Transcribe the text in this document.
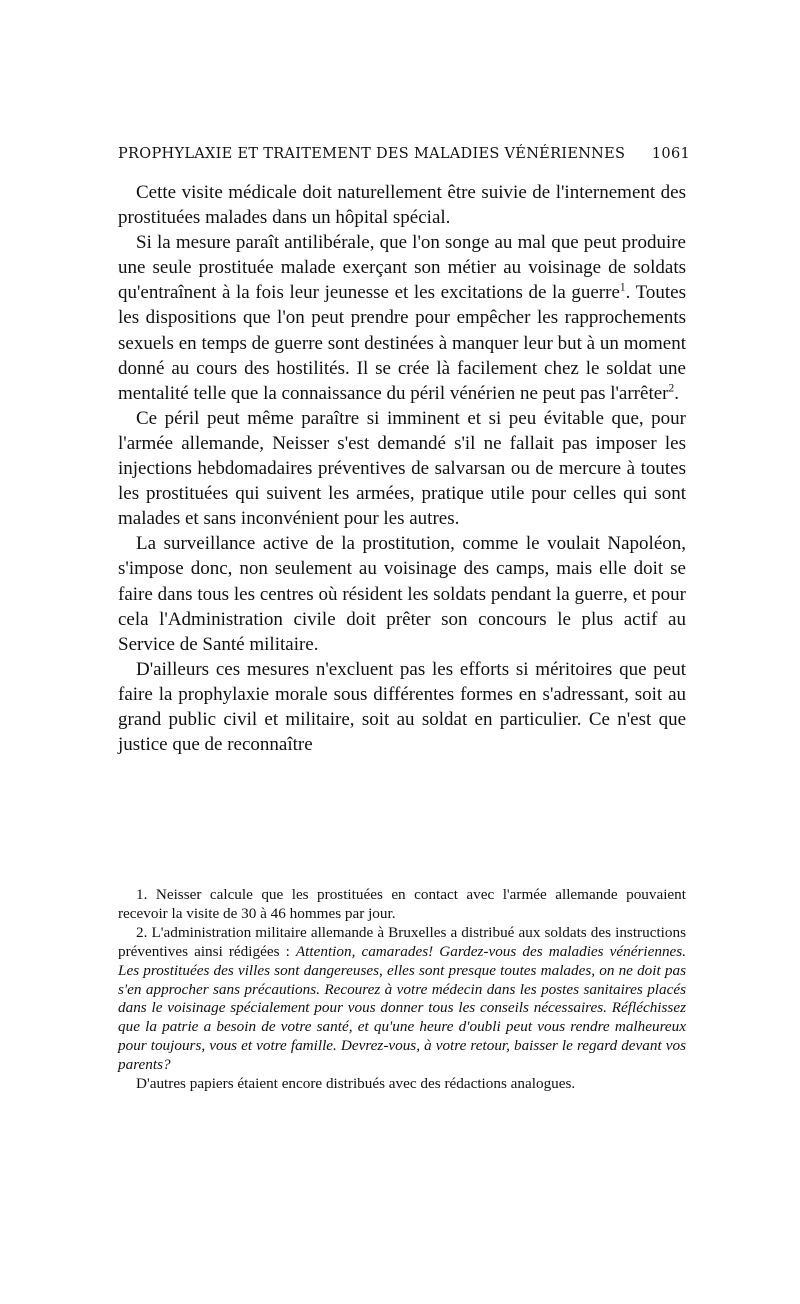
PROPHYLAXIE ET TRAITEMENT DES MALADIES VÉNÉRIENNES 1061

Cette visite médicale doit naturellement être suivie de l'internement des prostituées malades dans un hôpital spécial.

Si la mesure paraît antilibérale, que l'on songe au mal que peut produire une seule prostituée malade exerçant son métier au voisinage de soldats qu'entraînent à la fois leur jeunesse et les excitations de la guerre$^1$. Toutes les dispositions que l'on peut prendre pour empêcher les rapprochements sexuels en temps de guerre sont destinées à manquer leur but à un moment donné au cours des hostilités. Il se crée là facilement chez le soldat une mentalité telle que la connaissance du péril vénérien ne peut pas l'arrêter$^2$.

Ce péril peut même paraître si imminent et si peu évitable que, pour l'armée allemande, Neisser s'est demandé s'il ne fallait pas imposer les injections hebdomadaires préventives de salvarsan ou de mercure à toutes les prostituées qui suivent les armées, pratique utile pour celles qui sont malades et sans inconvénient pour les autres.

La surveillance active de la prostitution, comme le voulait Napoléon, s'impose donc, non seulement au voisinage des camps, mais elle doit se faire dans tous les centres où résident les soldats pendant la guerre, et pour cela l'Administration civile doit prêter son concours le plus actif au Service de Santé militaire.

D'ailleurs ces mesures n'excluent pas les efforts si méritoires que peut faire la prophylaxie morale sous différentes formes en s'adressant, soit au grand public civil et militaire, soit au soldat en particulier. Ce n'est que justice que de reconnaître

1. Neisser calcule que les prostituées en contact avec l'armée allemande pouvaient recevoir la visite de 30 à 46 hommes par jour.

2. L'administration militaire allemande à Bruxelles a distribué aux soldats des instructions préventives ainsi rédigées : Attention, camarades! Gardez-vous des maladies vénériennes. Les prostituées des villes sont dangereuses, elles sont presque toutes malades, on ne doit pas s'en approcher sans précautions. Recourez à votre médecin dans les postes sanitaires placés dans le voisinage spécialement pour vous donner tous les conseils nécessaires. Réfléchissez que la patrie a besoin de votre santé, et qu'une heure d'oubli peut vous rendre malheureux pour toujours, vous et votre famille. Devrez-vous, à votre retour, baisser le regard devant vos parents?

D'autres papiers étaient encore distribués avec des rédactions analogues.
